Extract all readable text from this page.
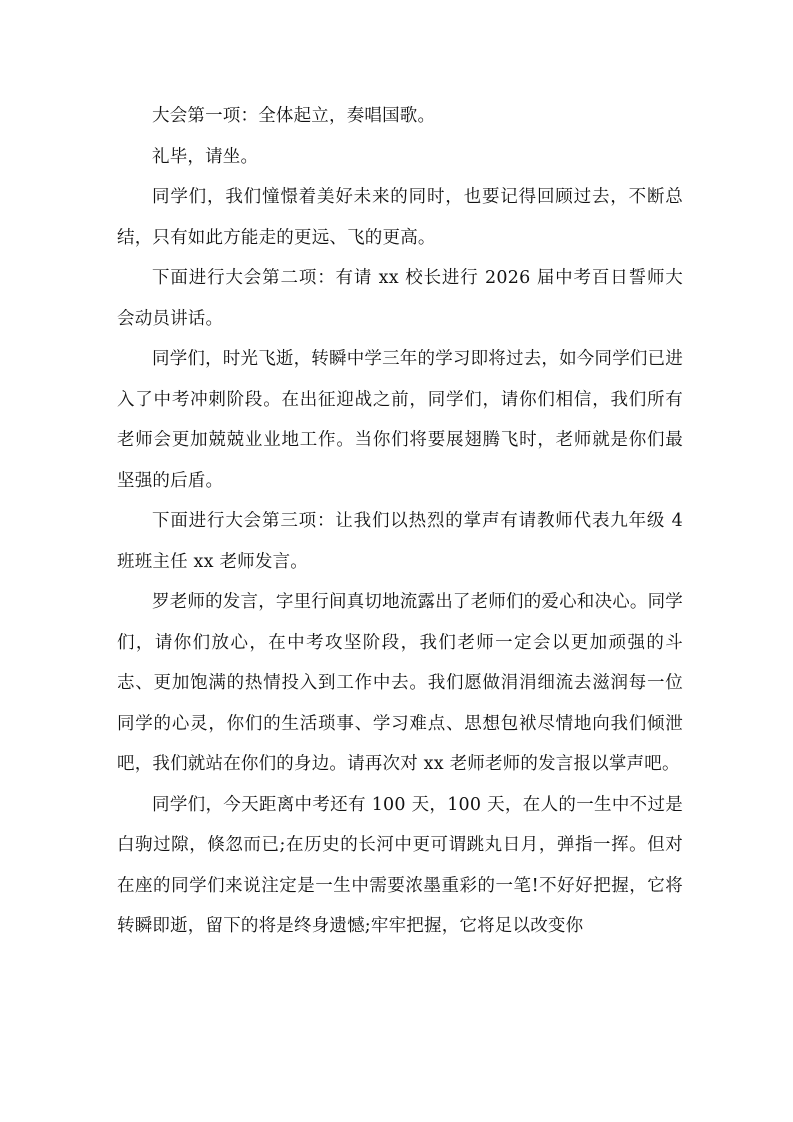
大会第一项：全体起立，奏唱国歌。

礼毕，请坐。

同学们，我们憧憬着美好未来的同时，也要记得回顾过去，不断总结，只有如此方能走的更远、飞的更高。

下面进行大会第二项：有请 xx 校长进行 2026 届中考百日誓师大会动员讲话。

同学们，时光飞逝，转瞬中学三年的学习即将过去，如今同学们已进入了中考冲刺阶段。在出征迎战之前，同学们，请你们相信，我们所有老师会更加兢兢业业地工作。当你们将要展翅腾飞时，老师就是你们最坚强的后盾。

下面进行大会第三项：让我们以热烈的掌声有请教师代表九年级 4 班班主任 xx 老师发言。

罗老师的发言，字里行间真切地流露出了老师们的爱心和决心。同学们，请你们放心，在中考攻坚阶段，我们老师一定会以更加顽强的斗志、更加饱满的热情投入到工作中去。我们愿做涓涓细流去滋润每一位同学的心灵，你们的生活琐事、学习难点、思想包袱尽情地向我们倾泄吧，我们就站在你们的身边。请再次对 xx 老师老师的发言报以掌声吧。

同学们，今天距离中考还有 100 天，100 天，在人的一生中不过是白驹过隙，倏忽而已;在历史的长河中更可谓跳丸日月，弹指一挥。但对在座的同学们来说注定是一生中需要浓墨重彩的一笔!不好好把握，它将转瞬即逝，留下的将是终身遗憾;牢牢把握，它将足以改变你
